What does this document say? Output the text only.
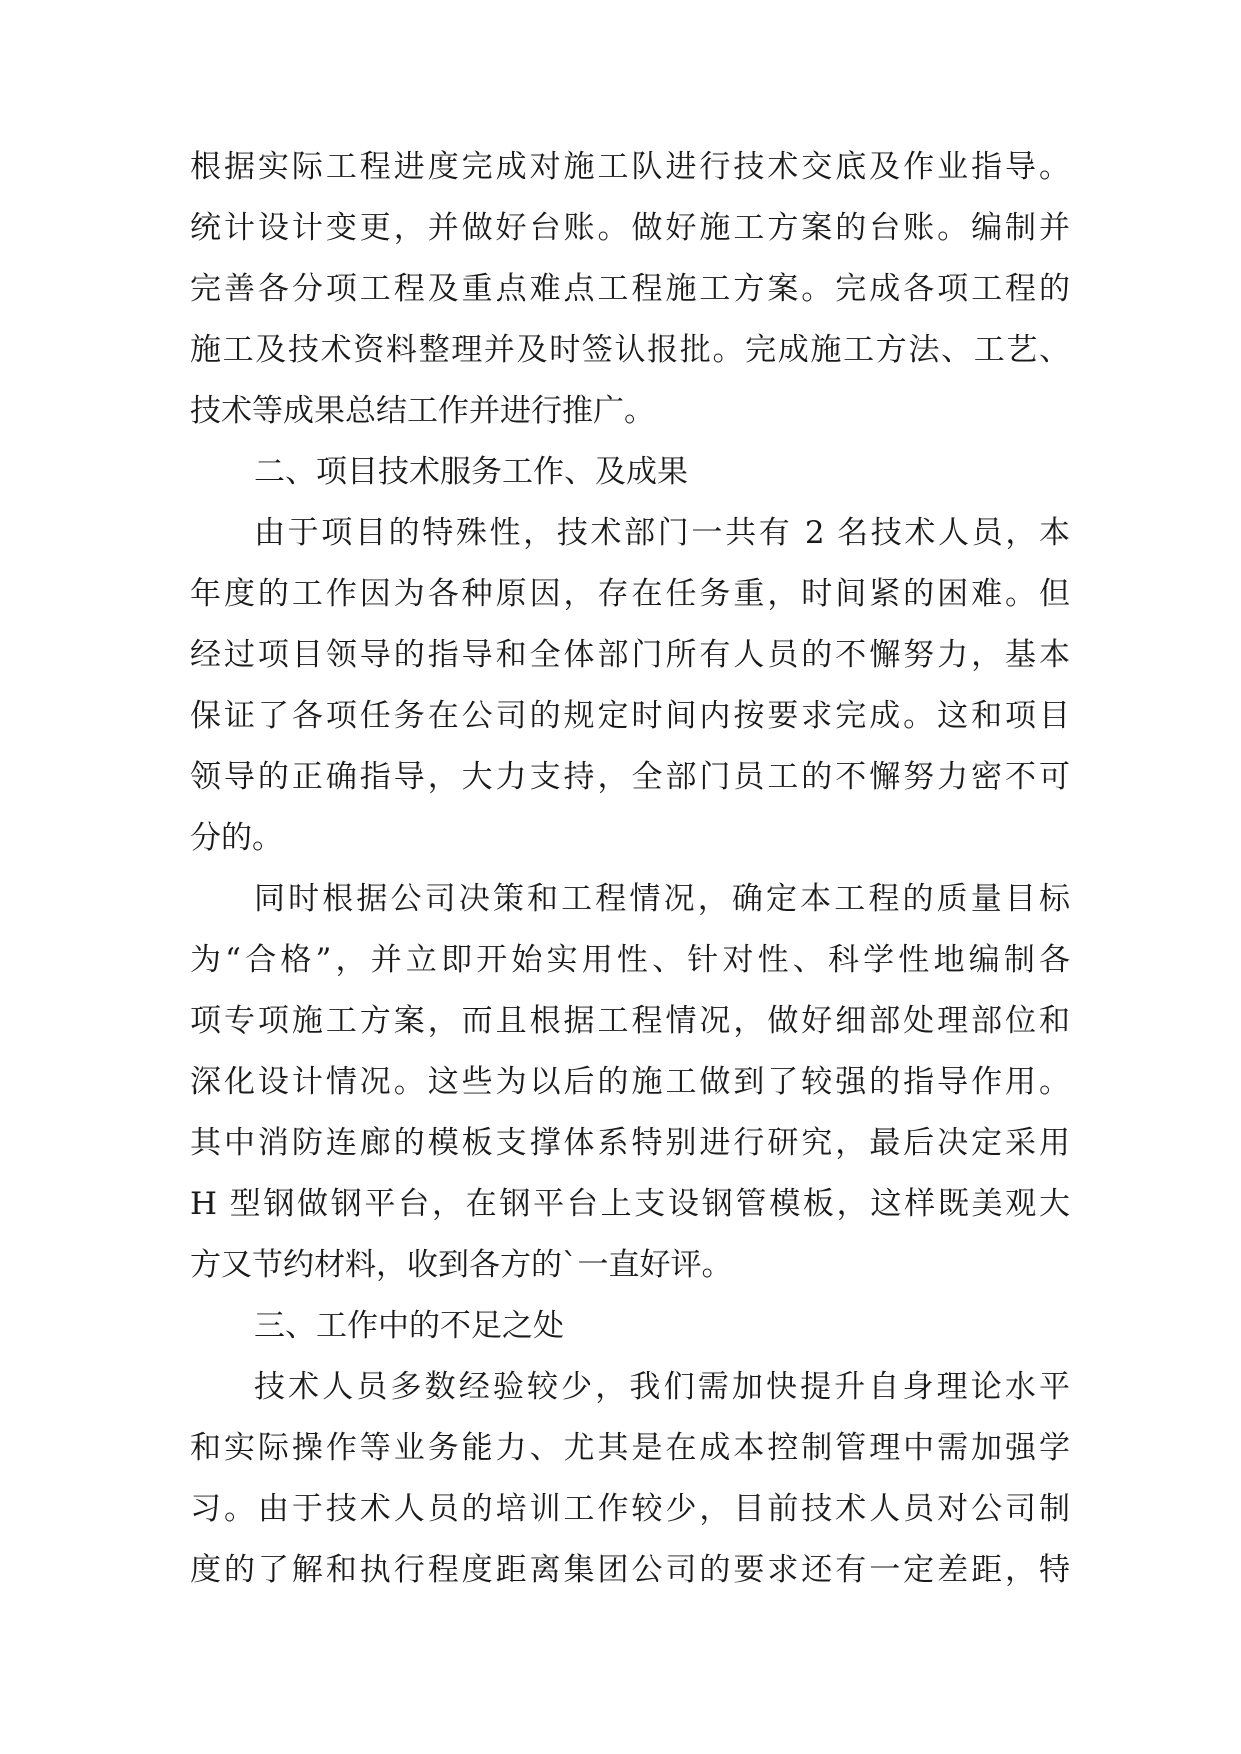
根据实际工程进度完成对施工队进行技术交底及作业指导。
统计设计变更，并做好台账。做好施工方案的台账。编制并
完善各分项工程及重点难点工程施工方案。完成各项工程的
施工及技术资料整理并及时签认报批。完成施工方法、工艺、
技术等成果总结工作并进行推广。
二、项目技术服务工作、及成果
由于项目的特殊性，技术部门一共有 2 名技术人员，本
年度的工作因为各种原因，存在任务重，时间紧的困难。但
经过项目领导的指导和全体部门所有人员的不懈努力，基本
保证了各项任务在公司的规定时间内按要求完成。这和项目
领导的正确指导，大力支持，全部门员工的不懈努力密不可
分的。
同时根据公司决策和工程情况，确定本工程的质量目标
为“合格”，并立即开始实用性、针对性、科学性地编制各
项专项施工方案，而且根据工程情况，做好细部处理部位和
深化设计情况。这些为以后的施工做到了较强的指导作用。
其中消防连廊的模板支撑体系特别进行研究，最后决定采用
H 型钢做钢平台，在钢平台上支设钢管模板，这样既美观大
方又节约材料，收到各方的`一直好评。
三、工作中的不足之处
技术人员多数经验较少，我们需加快提升自身理论水平
和实际操作等业务能力、尤其是在成本控制管理中需加强学
习。由于技术人员的培训工作较少，目前技术人员对公司制
度的了解和执行程度距离集团公司的要求还有一定差距，特
